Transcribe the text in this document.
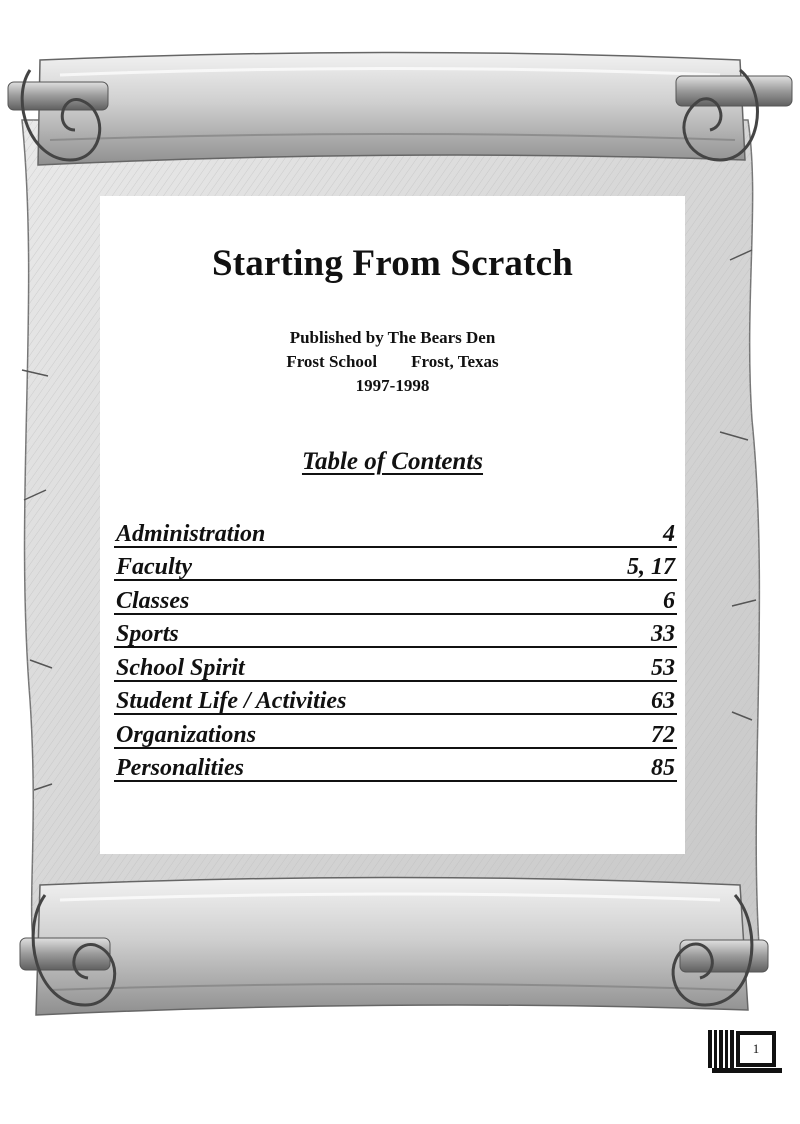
Starting From Scratch
Published by The Bears Den
Frost School Frost, Texas
1997-1998
Table of Contents
Administration	4
Faculty	5, 17
Classes	6
Sports	33
School Spirit	53
Student Life / Activities	63
Organizations	72
Personalities	85
1
